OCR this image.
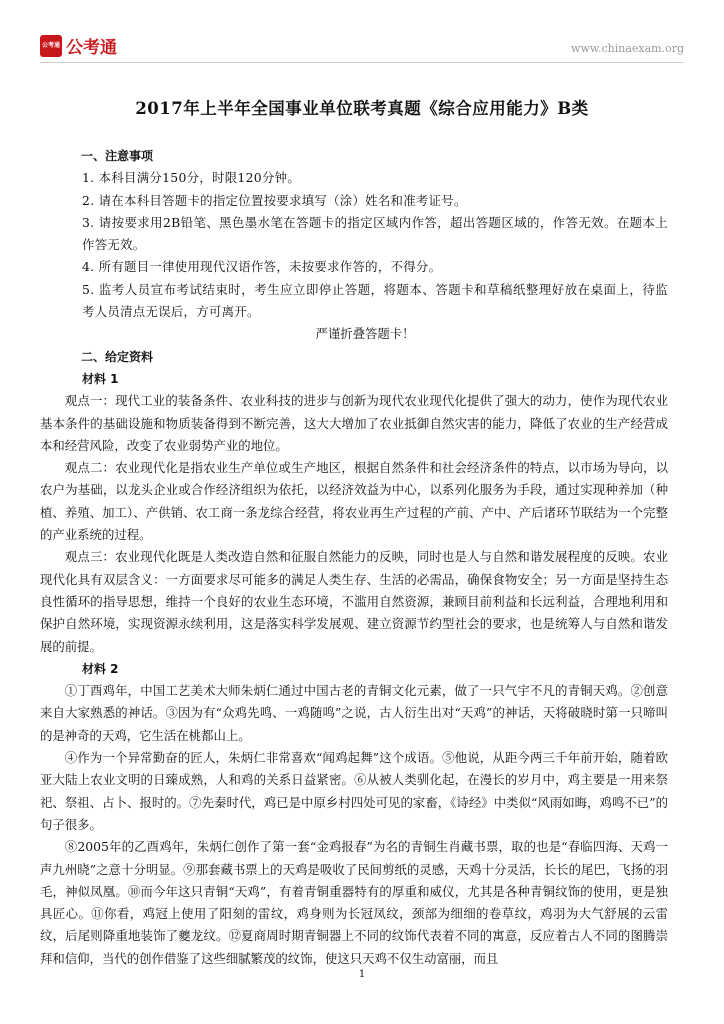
公考通 公考通	www.chinaexam.org
2017年上半年全国事业单位联考真题《综合应用能力》B类

一、注意事项

1. 本科目满分150分，时限120分钟。

2. 请在本科目答题卡的指定位置按要求填写（涂）姓名和准考证号。

3. 请按要求用2B铅笔、黑色墨水笔在答题卡的指定区域内作答，超出答题区域的，作答无效。在题本上作答无效。

4. 所有题目一律使用现代汉语作答，未按要求作答的，不得分。

5. 监考人员宣布考试结束时，考生应立即停止答题，将题本、答题卡和草稿纸整理好放在桌面上，待监考人员清点无误后，方可离开。

严谨折叠答题卡！

二、给定资料

材料 1

观点一：现代工业的装备条件、农业科技的进步与创新为现代农业现代化提供了强大的动力，使作为现代农业基本条件的基础设施和物质装备得到不断完善，这大大增加了农业抵御自然灾害的能力，降低了农业的生产经营成本和经营风险，改变了农业弱势产业的地位。

观点二：农业现代化是指农业生产单位或生产地区，根据自然条件和社会经济条件的特点，以市场为导向，以农户为基础，以龙头企业或合作经济组织为依托，以经济效益为中心，以系列化服务为手段，通过实现种养加（种植、养殖、加工）、产供销、农工商一条龙综合经营，将农业再生产过程的产前、产中、产后诸环节联结为一个完整的产业系统的过程。

观点三：农业现代化既是人类改造自然和征服自然能力的反映，同时也是人与自然和谐发展程度的反映。农业现代化具有双层含义：一方面要求尽可能多的满足人类生存、生活的必需品，确保食物安全；另一方面是坚持生态良性循环的指导思想，维持一个良好的农业生态环境，不滥用自然资源，兼顾目前利益和长远利益，合理地利用和保护自然环境，实现资源永续利用，这是落实科学发展观、建立资源节约型社会的要求，也是统筹人与自然和谐发展的前提。

材料 2

①丁酉鸡年，中国工艺美术大师朱炳仁通过中国古老的青铜文化元素，做了一只气宇不凡的青铜天鸡。②创意来自大家熟悉的神话。③因为有“众鸡先鸣、一鸡随鸣”之说，古人衍生出对“天鸡”的神话，天将破晓时第一只啼叫的是神奇的天鸡，它生活在桃都山上。

④作为一个异常勤奋的匠人，朱炳仁非常喜欢“闻鸡起舞”这个成语。⑤他说，从距今两三千年前开始，随着欧亚大陆上农业文明的日臻成熟，人和鸡的关系日益紧密。⑥从被人类驯化起，在漫长的岁月中，鸡主要是一用来祭祀、祭祖、占卜、报时的。⑦先秦时代，鸡已是中原乡村四处可见的家畜，《诗经》中类似“风雨如晦，鸡鸣不已”的句子很多。

⑧2005年的乙酉鸡年，朱炳仁创作了第一套“金鸡报春”为名的青铜生肖藏书票，取的也是“春临四海、天鸡一声九州晓”之意十分明显。⑨那套藏书票上的天鸡是吸收了民间剪纸的灵感，天鸡十分灵活，长长的尾巴，飞扬的羽毛，神似凤凰。⑩而今年这只青铜“天鸡”，有着青铜重器特有的厚重和威仪，尤其是各种青铜纹饰的使用，更是独具匠心。⑪你看，鸡冠上使用了阳刻的雷纹，鸡身则为长冠凤纹，颈部为细细的卷草纹，鸡羽为大气舒展的云雷纹，后尾则降重地装饰了夔龙纹。⑫夏商周时期青铜器上不同的纹饰代表着不同的寓意，反应着古人不同的图腾崇拜和信仰，当代的创作借鉴了这些细腻繁茂的纹饰，使这只天鸡不仅生动富丽，而且

1
